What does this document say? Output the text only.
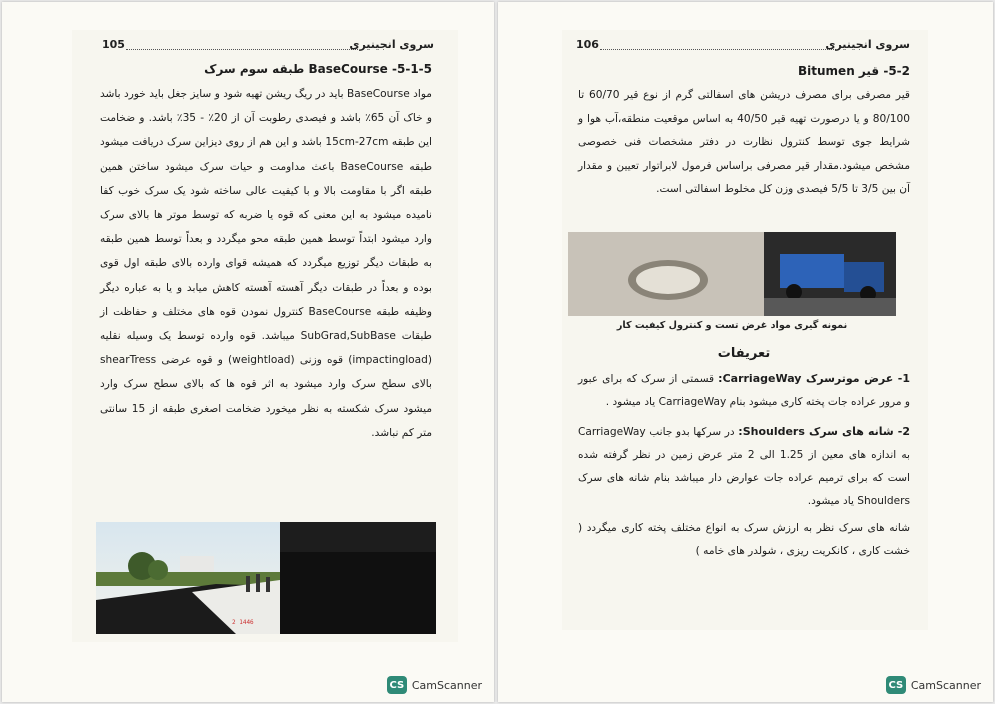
105	سروی انجینیری

5-1-5- BaseCourse طبقه سوم سرک

مواد BaseCourse باید در ریگ ریشن تهیه شود و سایز جغل باید خورد باشد و خاک آن 65٪ باشد و فیصدی رطوبت آن از 20٪ - 35٪ باشد. و ضخامت این طبقه 15cm-27cm باشد و این هم از روی دیزاین سرک دریافت میشود طبقه BaseCourse باعث مداومت و حیات سرک میشود ساختن همین طبقه اگر با مقاومت بالا و با کیفیت عالی ساخته شود یک سرک خوب کفا نامیده میشود به این معنی که قوه یا ضربه که توسط موتر ها بالای سرک وارد میشود ابتداً توسط همین طبقه محو میگردد و بعداً توسط همین طبقه به طبقات دیگر توزیع میگردد که همیشه قوای وارده بالای طبقه اول قوی بوده و بعداً در طبقات دیگر آهسته آهسته کاهش میابد و یا به عباره دیگر وظیفه طبقه BaseCourse کنترول نمودن قوه های مختلف و حفاظت از طبقات SubGrad,SubBase میباشد. قوه وارده توسط یک وسیله نقلیه (impactingload) قوه وزنی (weightload) و قوه عرضی shearTress بالای سطح سرک وارد میشود به اثر قوه ها که بالای سطح سرک وارد میشود سرک شکسته به نظر میخورد ضخامت اصغری طبقه از 15 سانتی متر کم نباشد.

2 1446
CS CamScanner
106	سروی انجینیری

5-2- قیر Bitumen

قیر مصرفی برای مصرف دریشن های اسفالتی گرم از نوع قیر 60/70 تا 80/100 و یا درصورت تهیه قیر 40/50 به اساس موقعیت منطقه،آب هوا و شرایط جوی توسط کنترول نظارت در دفتر مشخصات فنی خصوصی مشخص میشود.مقدار قیر مصرفی براساس فرمول لابراتوار تعیین و مقدار آن بین 3/5 تا 5/5 فیصدی وزن کل مخلوط اسفالتی است.

نمونه گیری مواد غرض تست و کنترول کیفیت کار
تعریفات

1- عرض موترسرک CarriageWay: قسمتی از سرک که برای عبور و مرور عراده جات پخته کاری میشود بنام CarriageWay یاد میشود .

2- شانه های سرک Shoulders: در سرکها بدو جانب CarriageWay به اندازه های معین از 1.25 الی 2 متر عرض زمین در نظر گرفته شده است که برای ترمیم عراده جات عوارض دار میباشد بنام شانه های سرک Shoulders یاد میشود.

شانه های سرک نظر به ارزش سرک به انواع مختلف پخته کاری میگردد ( خشت کاری ، کانکریت ریزی ، شولدر های خامه )

CS CamScanner
